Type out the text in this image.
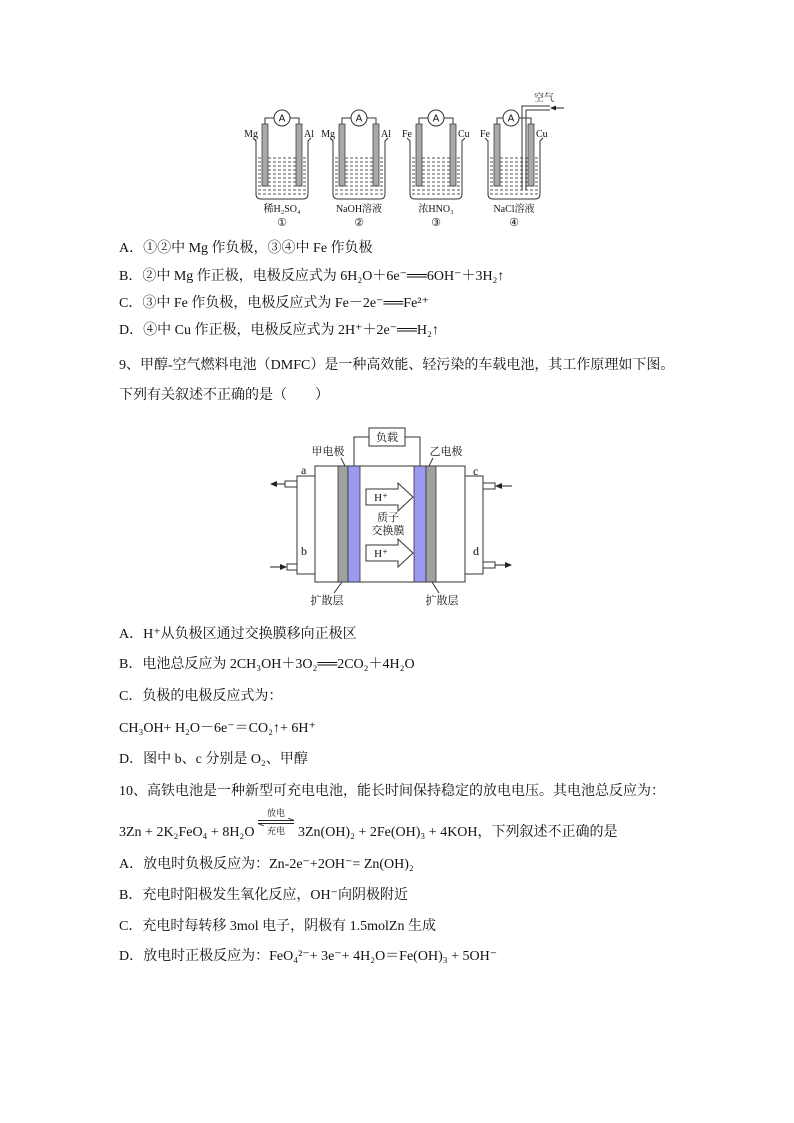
Mg	Al
A
稀H₂SO₄
①
Mg	Al
A
NaOH溶液
②
Fe	Cu
A
浓HNO₃
③
Fe	Cu
A
空气
NaCl溶液
④
A．①②中 Mg 作负极，③④中 Fe 作负极
B．②中 Mg 作正极，电极反应式为 6H₂O＋6e⁻══6OH⁻＋3H₂↑
C．③中 Fe 作负极，电极反应式为 Fe－2e⁻══Fe²⁺
D．④中 Cu 作正极，电极反应式为 2H⁺＋2e⁻══H₂↑
9、甲醇-空气燃料电池（DMFC）是一种高效能、轻污染的车载电池，其工作原理如下图。
下列有关叙述不正确的是（　　）
负载
甲电极	乙电极
H⁺
H⁺
质子
交换膜
a
b
c
d
扩散层	扩散层
A．H⁺从负极区通过交换膜移向正极区
B．电池总反应为 2CH₃OH＋3O₂══2CO₂＋4H₂O
C．负极的电极反应式为：
CH₃OH+ H₂O－6e⁻＝CO₂↑+ 6H⁺
D．图中 b、c 分别是 O₂、甲醇
10、高铁电池是一种新型可充电电池，能长时间保持稳定的放电电压。其电池总反应为：
3Zn + 2K₂FeO₄ + 8H₂O
放电
充电 3Zn(OH)₂ + 2Fe(OH)₃ + 4KOH，下列叙述不正确的是
A．放电时负极反应为：Zn-2e⁻+2OH⁻= Zn(OH)₂
B．充电时阳极发生氧化反应，OH⁻向阴极附近
C．充电时每转移 3mol 电子，阴极有 1.5molZn 生成
D．放电时正极反应为：FeO₄²⁻+ 3e⁻+ 4H₂O＝Fe(OH)₃ + 5OH⁻
